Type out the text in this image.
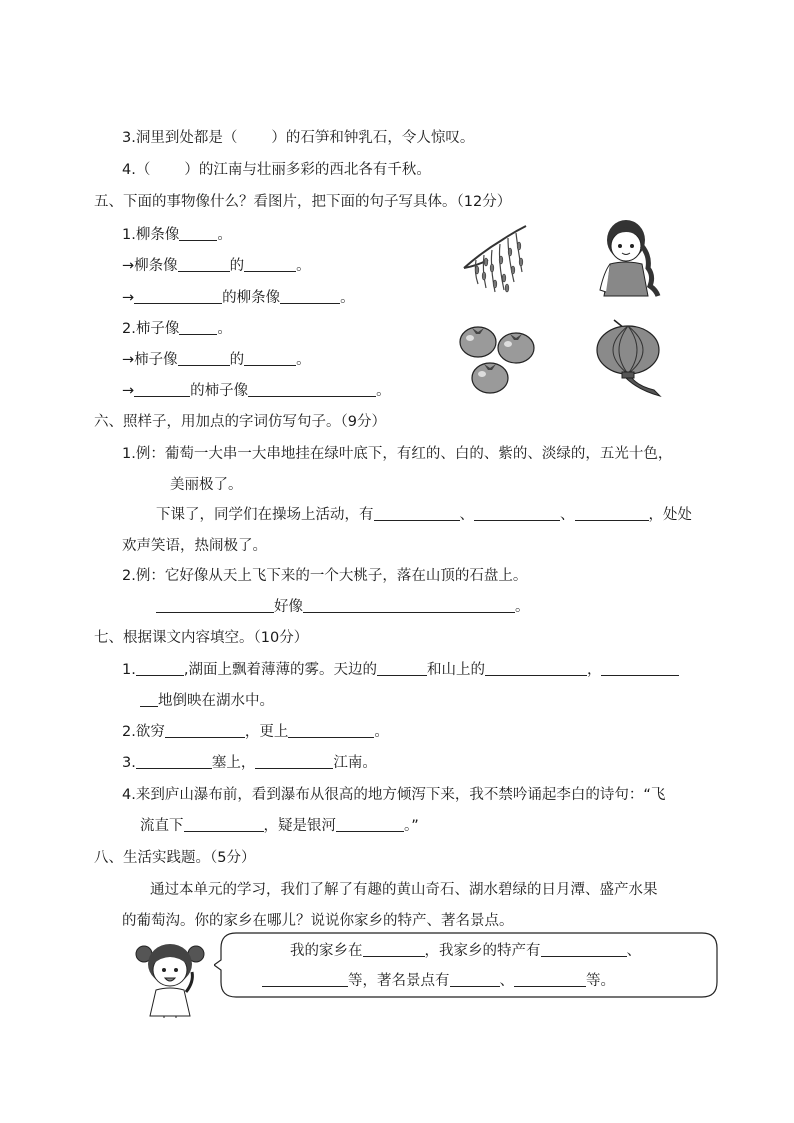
3.洞里到处都是（ ）的石笋和钟乳石，令人惊叹。
4.（ ）的江南与壮丽多彩的西北各有千秋。
五、下面的事物像什么？看图片，把下面的句子写具体。（12分）
1.柳条像	。
→柳条像	的	。
→	的柳条像	。
2.柿子像	。
→柿子像	的	。
→	的柿子像	。
六、照样子，用加点的字词仿写句子。（9分）
1.例：葡萄一大串一大串地挂在绿叶底下，有红的、白的、紫的、淡绿的，五光十色，
美丽极了。
下课了，同学们在操场上活动，有	、	、	，处处
欢声笑语，热闹极了。
2.例：它好像从天上飞下来的一个大桃子，落在山顶的石盘上。
好像	。
七、根据课文内容填空。（10分）
1.	,湖面上飘着薄薄的雾。天边的	和山上的	，
地倒映在湖水中。
2.欲穷	，更上	。
3.	塞上，	江南。
4.来到庐山瀑布前，看到瀑布从很高的地方倾泻下来，我不禁吟诵起李白的诗句：“飞
流直下	，疑是银河	。”
八、生活实践题。（5分）
通过本单元的学习，我们了解了有趣的黄山奇石、湖水碧绿的日月潭、盛产水果
的葡萄沟。你的家乡在哪儿？说说你家乡的特产、著名景点。
我的家乡在	，我家乡的特产有	、
等，著名景点有	、	等。
